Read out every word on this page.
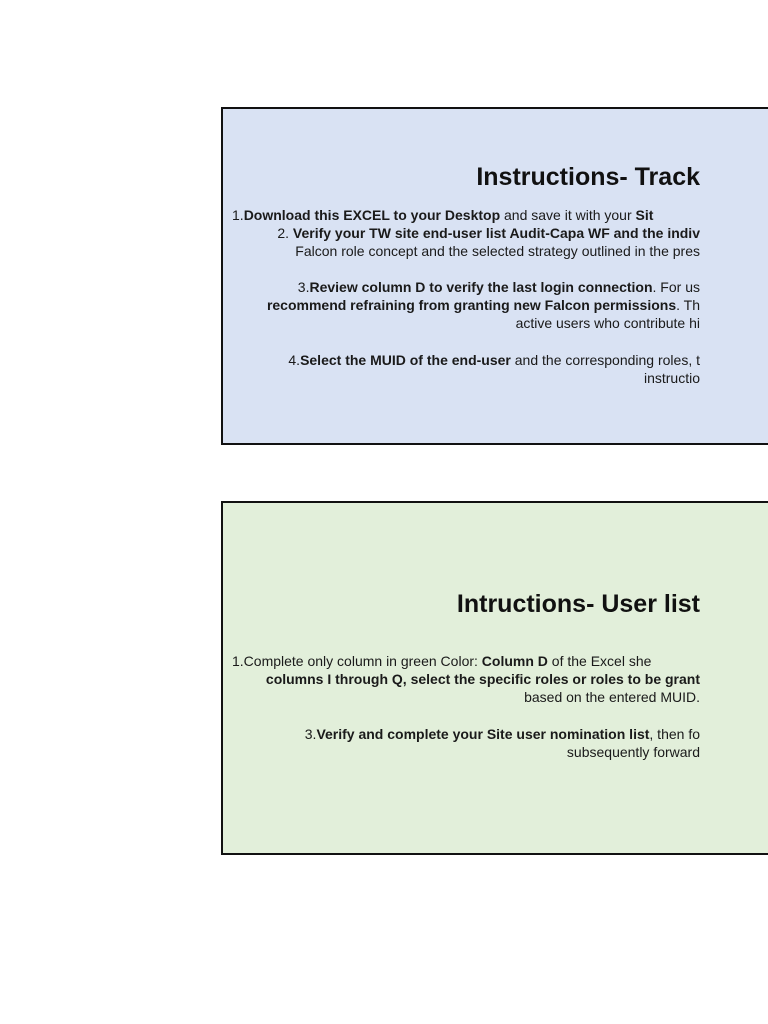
Instructions- Track
1.Download this EXCEL to your Desktop and save it with your Sit
2. Verify your TW site end-user list Audit-Capa WF and the indiv
Falcon role concept and the selected strategy outlined in the pres
3.Review column D to verify the last login connection. For us
recommend refraining from granting new Falcon permissions. Th
active users who contribute hi
4.Select the MUID of the end-user and the corresponding roles, t
instructio
Intructions- User list
1.Complete only column in green Color: Column D of the Excel she
columns I through Q, select the specific roles or roles to be grant
based on the entered MUID.
3.Verify and complete your Site user nomination list, then fo
subsequently forward
